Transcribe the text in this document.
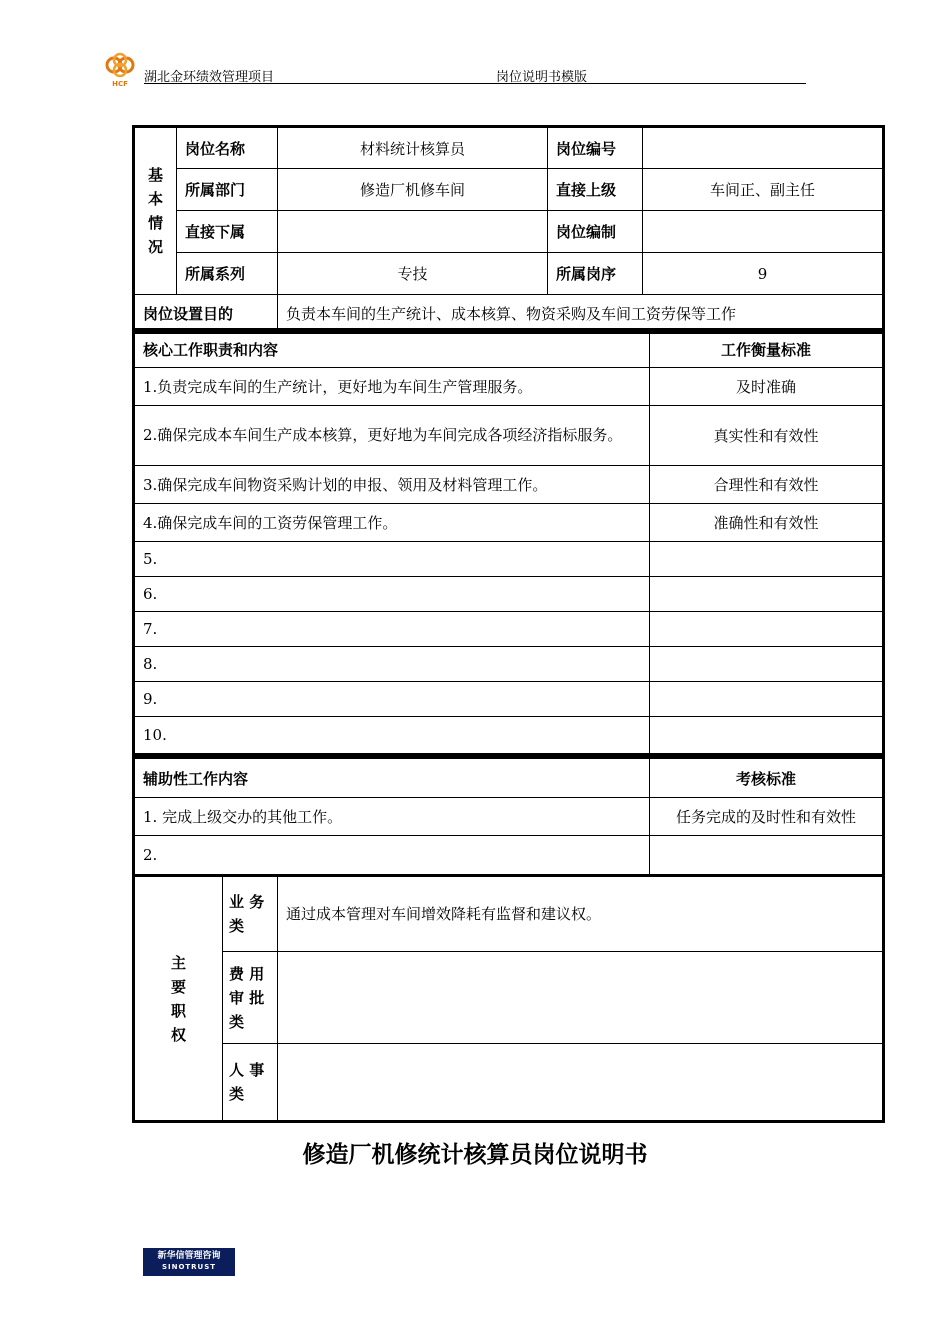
HCF 湖北金环绩效管理项目	岗位说明书模版
基
本
情
况	岗位名称	材料统计核算员	岗位编号	
	所属部门	修造厂机修车间	直接上级	车间正、副主任
	直接下属		岗位编制	
	所属系列	专技	所属岗序	9
岗位设置目的		负责本车间的生产统计、成本核算、物资采购及车间工资劳保等工作		
核心工作职责和内容	工作衡量标准
1.负责完成车间的生产统计，更好地为车间生产管理服务。	及时准确
2.确保完成本车间生产成本核算，更好地为车间完成各项经济指标服务。	真实性和有效性
3.确保完成车间物资采购计划的申报、领用及材料管理工作。	合理性和有效性
4.确保完成车间的工资劳保管理工作。	准确性和有效性
5.	
6.	
7.	
8.	
9.	
10.	
辅助性工作内容	考核标准
1. 完成上级交办的其他工作。	任务完成的及时性和有效性
2.	
主
要
职
权	业 务
类	通过成本管理对车间增效降耗有监督和建议权。
	费 用
审 批
类	
	人 事
类	
修造厂机修统计核算员岗位说明书
新华信管理咨询
SINOTRUST
